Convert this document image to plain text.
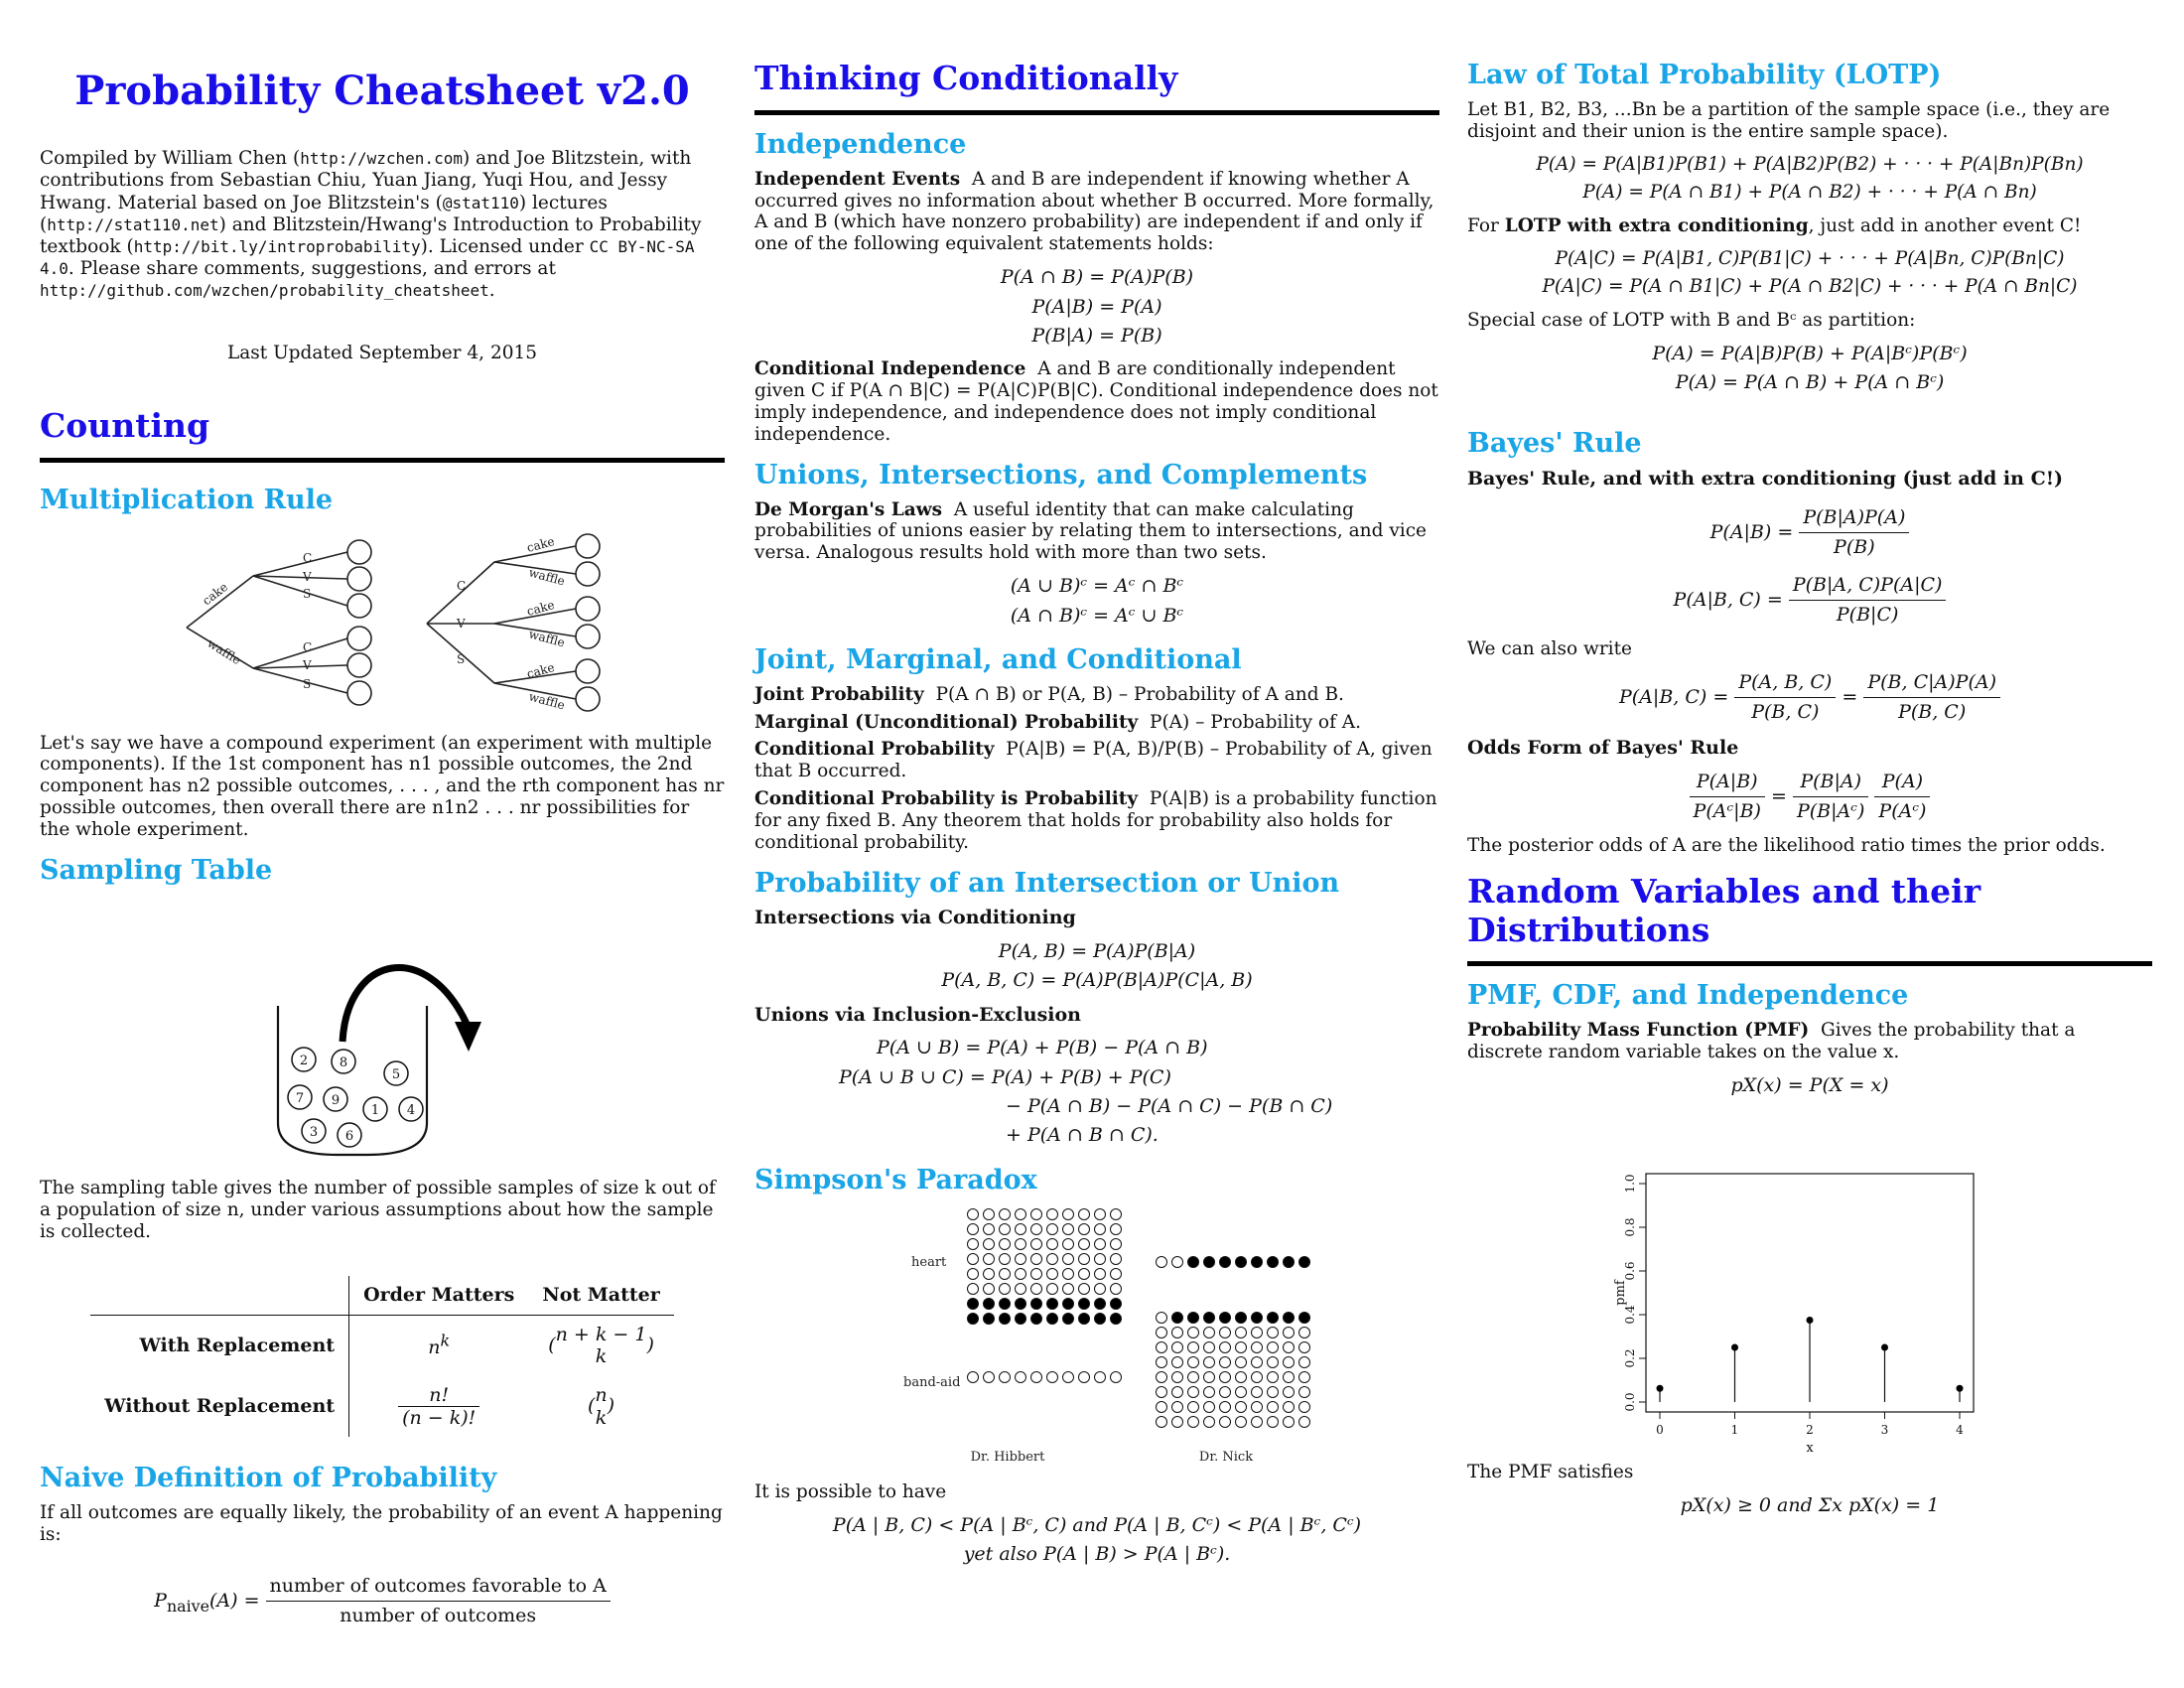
Probability Cheatsheet v2.0

Compiled by William Chen (http://wzchen.com) and Joe Blitzstein, with contributions from Sebastian Chiu, Yuan Jiang, Yuqi Hou, and Jessy Hwang. Material based on Joe Blitzstein's (@stat110) lectures (http://stat110.net) and Blitzstein/Hwang's Introduction to Probability textbook (http://bit.ly/introprobability). Licensed under CC BY-NC-SA 4.0. Please share comments, suggestions, and errors at http://github.com/wzchen/probability_cheatsheet.

Last Updated September 4, 2015
Counting
Multiplication Rule
cake
waffle
C
V
S
C
V
S
C
V
S
cake
waffle
cake
waffle
cake
waffle

Let's say we have a compound experiment (an experiment with multiple components). If the 1st component has n1 possible outcomes, the 2nd component has n2 possible outcomes, . . . , and the rth component has nr possible outcomes, then overall there are n1n2 . . . nr possibilities for the whole experiment.

Sampling Table
2 8
5
7 9
1 4
3 6

The sampling table gives the number of possible samples of size k out of a population of size n, under various assumptions about how the sample is collected.

	Order Matters	Not Matter
With Replacement	$n^k$	( n + k − 1
k
)
Without Replacement	$\frac{n!}{(n - k)!}$	( n
k
)
Naive Definition of Probability

If all outcomes are equally likely, the probability of an event A happening is:

$P_{naive}(A) = \frac{\text{number of outcomes favorable to A}}{\text{number of outcomes}}$
Thinking Conditionally
Independence

Independent Events A and B are independent if knowing whether A occurred gives no information about whether B occurred. More formally, A and B (which have nonzero probability) are independent if and only if one of the following equivalent statements holds:

P(A ∩ B) = P(A)P(B)
P(A|B) = P(A)
P(B|A) = P(B)

Conditional Independence A and B are conditionally independent given C if P(A ∩ B|C) = P(A|C)P(B|C). Conditional independence does not imply independence, and independence does not imply conditional independence.

Unions, Intersections, and Complements

De Morgan's Laws A useful identity that can make calculating probabilities of unions easier by relating them to intersections, and vice versa. Analogous results hold with more than two sets.

(A ∪ B)ᶜ = Aᶜ ∩ Bᶜ
(A ∩ B)ᶜ = Aᶜ ∪ Bᶜ
Joint, Marginal, and Conditional

Joint Probability P(A ∩ B) or P(A, B) – Probability of A and B.

Marginal (Unconditional) Probability P(A) – Probability of A.

Conditional Probability P(A|B) = P(A, B)/P(B) – Probability of A, given that B occurred.

Conditional Probability is Probability P(A|B) is a probability function for any fixed B. Any theorem that holds for probability also holds for conditional probability.

Probability of an Intersection or Union
Intersections via Conditioning
P(A, B) = P(A)P(B|A)
P(A, B, C) = P(A)P(B|A)P(C|A, B)
Unions via Inclusion-Exclusion
P(A ∪ B) = P(A) + P(B) − P(A ∩ B)
P(A ∪ B ∪ C) = P(A) + P(B) + P(C)
− P(A ∩ B) − P(A ∩ C) − P(B ∩ C)
+ P(A ∩ B ∩ C).
Simpson's Paradox
heart
band-aid
Dr. Hibbert	Dr. Nick

It is possible to have

P(A | B, C) < P(A | Bᶜ, C) and P(A | B, Cᶜ) < P(A | Bᶜ, Cᶜ)
yet also P(A | B) > P(A | Bᶜ).
Law of Total Probability (LOTP)

Let B1, B2, B3, ...Bn be a partition of the sample space (i.e., they are disjoint and their union is the entire sample space).

P(A) = P(A|B1)P(B1) + P(A|B2)P(B2) + · · · + P(A|Bn)P(Bn)
P(A) = P(A ∩ B1) + P(A ∩ B2) + · · · + P(A ∩ Bn)

For LOTP with extra conditioning, just add in another event C!

P(A|C) = P(A|B1, C)P(B1|C) + · · · + P(A|Bn, C)P(Bn|C)
P(A|C) = P(A ∩ B1|C) + P(A ∩ B2|C) + · · · + P(A ∩ Bn|C)

Special case of LOTP with B and Bᶜ as partition:

P(A) = P(A|B)P(B) + P(A|Bᶜ)P(Bᶜ)
P(A) = P(A ∩ B) + P(A ∩ Bᶜ)
Bayes' Rule
Bayes' Rule, and with extra conditioning (just add in C!)
$P(A|B) = \frac{P(B|A)P(A)}{P(B)}$
P(A|B, $C) = \frac{P(B|A, C)P(A|C)}{P(B|C)}$

We can also write

P(A|B, $C) = \frac{P(A, B, C)}{P(B, C)} = \frac{P(B, C|A)P(A)}{P(B, C)}$
Odds Form of Bayes' Rule
$\frac{P(A|B)}{\text{P(Aᶜ|B)}} = \frac{P(B|A)}{\text{P(B|Aᶜ)}}$
$\frac{P(A)}{\text{P(Aᶜ)}}$

The posterior odds of A are the likelihood ratio times the prior odds.

Random Variables and their Distributions
PMF, CDF, and Independence

Probability Mass Function (PMF) Gives the probability that a discrete random variable takes on the value x.

pX(x) = P(X = x)
pmf
x
0.0
0.2
0.4
0.6
0.8
1.0
0	1	2	3	4

The PMF satisfies

pX(x) ≥ 0 and Σx pX(x) = 1
